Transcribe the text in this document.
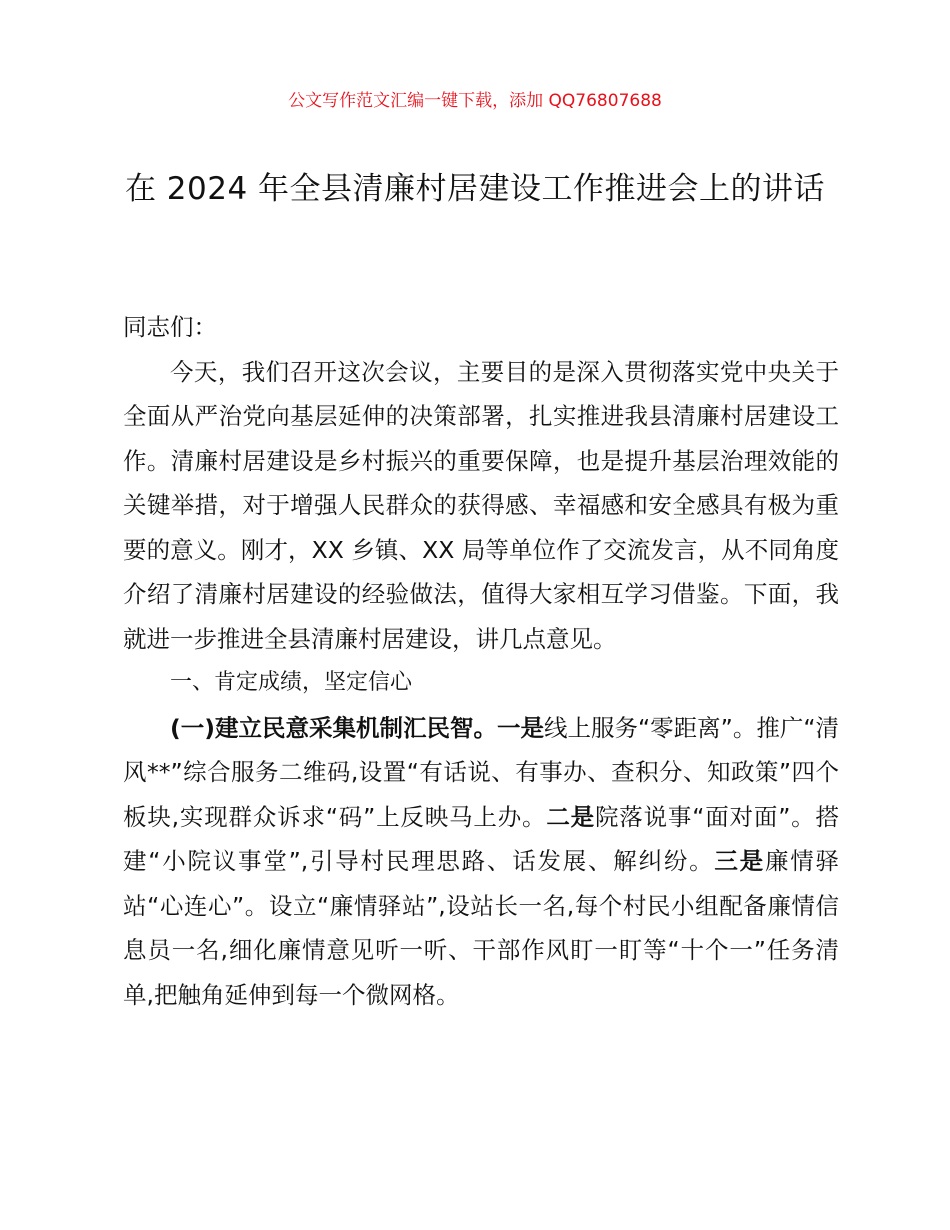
公文写作范文汇编一键下载，添加 QQ76807688
在 2024 年全县清廉村居建设工作推进会上的讲话

同志们：

今天，我们召开这次会议，主要目的是深入贯彻落实党中央关于全面从严治党向基层延伸的决策部署，扎实推进我县清廉村居建设工作。清廉村居建设是乡村振兴的重要保障，也是提升基层治理效能的关键举措，对于增强人民群众的获得感、幸福感和安全感具有极为重要的意义。刚才，XX 乡镇、XX 局等单位作了交流发言，从不同角度介绍了清廉村居建设的经验做法，值得大家相互学习借鉴。下面，我就进一步推进全县清廉村居建设，讲几点意见。

一、肯定成绩，坚定信心

(一)建立民意采集机制汇民智。一是线上服务“零距离”。推广“清风**”综合服务二维码,设置“有话说、有事办、查积分、知政策”四个板块,实现群众诉求“码”上反映马上办。二是院落说事“面对面”。搭建“小院议事堂”,引导村民理思路、话发展、解纠纷。三是廉情驿站“心连心”。设立“廉情驿站”,设站长一名,每个村民小组配备廉情信息员一名,细化廉情意见听一听、干部作风盯一盯等“十个一”任务清单,把触角延伸到每一个微网格。
